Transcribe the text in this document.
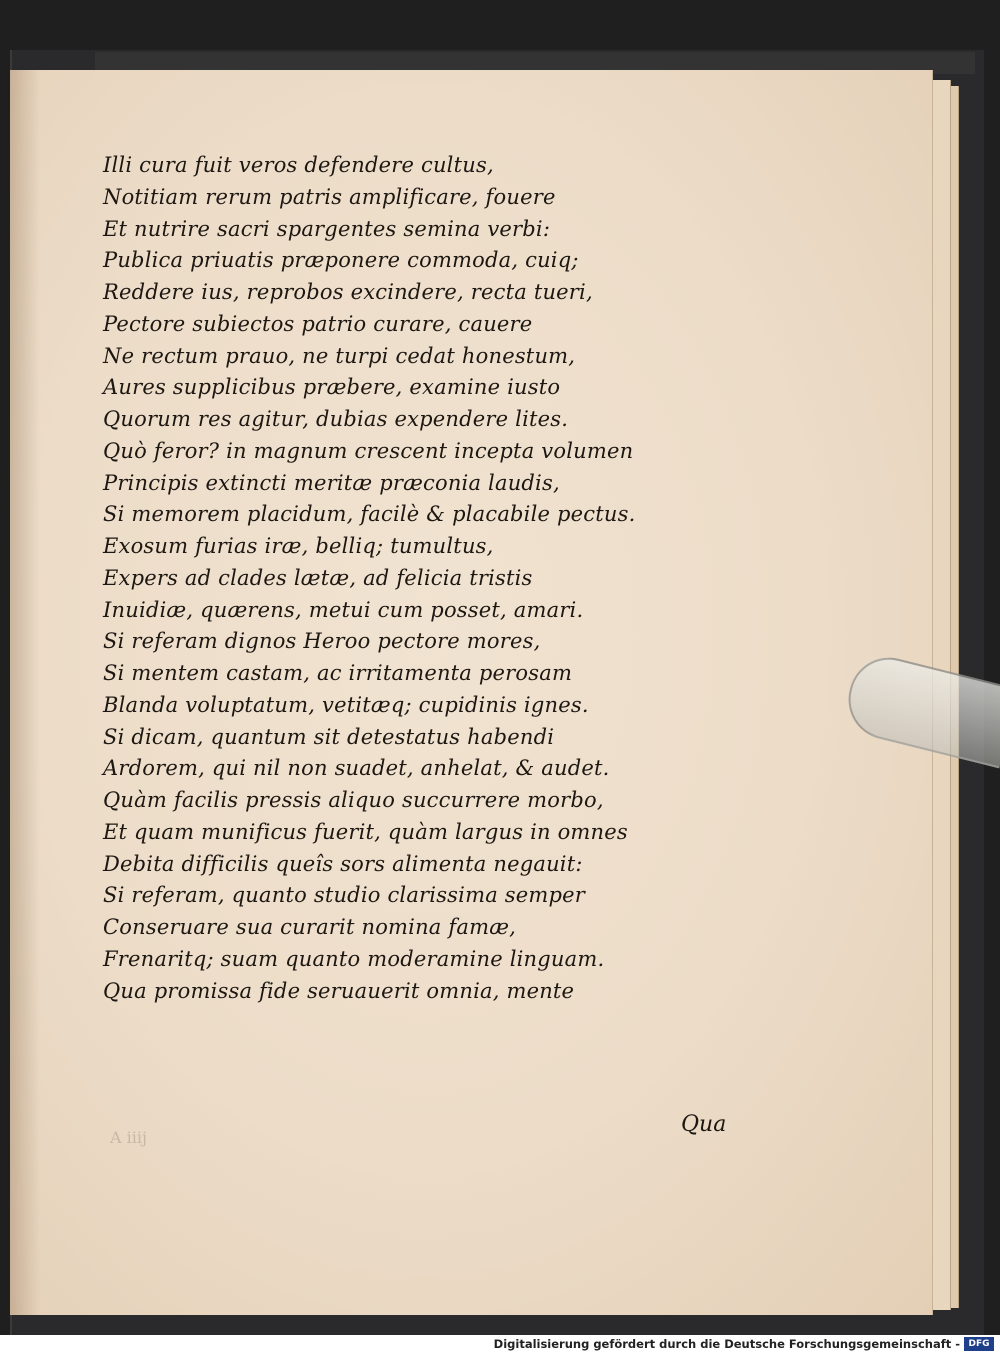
Illi cura fuit veros defendere cultus,
Notitiam rerum patris amplificare, fouere
Et nutrire sacri spargentes semina verbi:
Publica priuatis præponere commoda, cuiq;
Reddere ius, reprobos excindere, recta tueri,
Pectore subiectos patrio curare, cauere
Ne rectum prauo, ne turpi cedat honestum,
Aures supplicibus præbere, examine iusto
Quorum res agitur, dubias expendere lites.
Quò feror? in magnum crescent incepta volumen
Principis extincti meritæ præconia laudis,
Si memorem placidum, facilè & placabile pectus.
Exosum furias iræ, belliq; tumultus,
Expers ad clades lætæ, ad felicia tristis
Inuidiæ, quærens, metui cum posset, amari.
Si referam dignos Heroo pectore mores,
Si mentem castam, ac irritamenta perosam
Blanda voluptatum, vetitæq; cupidinis ignes.
Si dicam, quantum sit detestatus habendi
Ardorem, qui nil non suadet, anhelat, & audet.
Quàm facilis pressis aliquo succurrere morbo,
Et quam munificus fuerit, quàm largus in omnes
Debita difficilis queîs sors alimenta negauit:
Si referam, quanto studio clarissima semper
Conseruare sua curarit nomina famæ,
Frenaritq; suam quanto moderamine linguam.
Qua promissa fide seruauerit omnia, mente
A iiij
Qua
Digitalisierung gefördert durch die Deutsche Forschungsgemeinschaft - DFG
